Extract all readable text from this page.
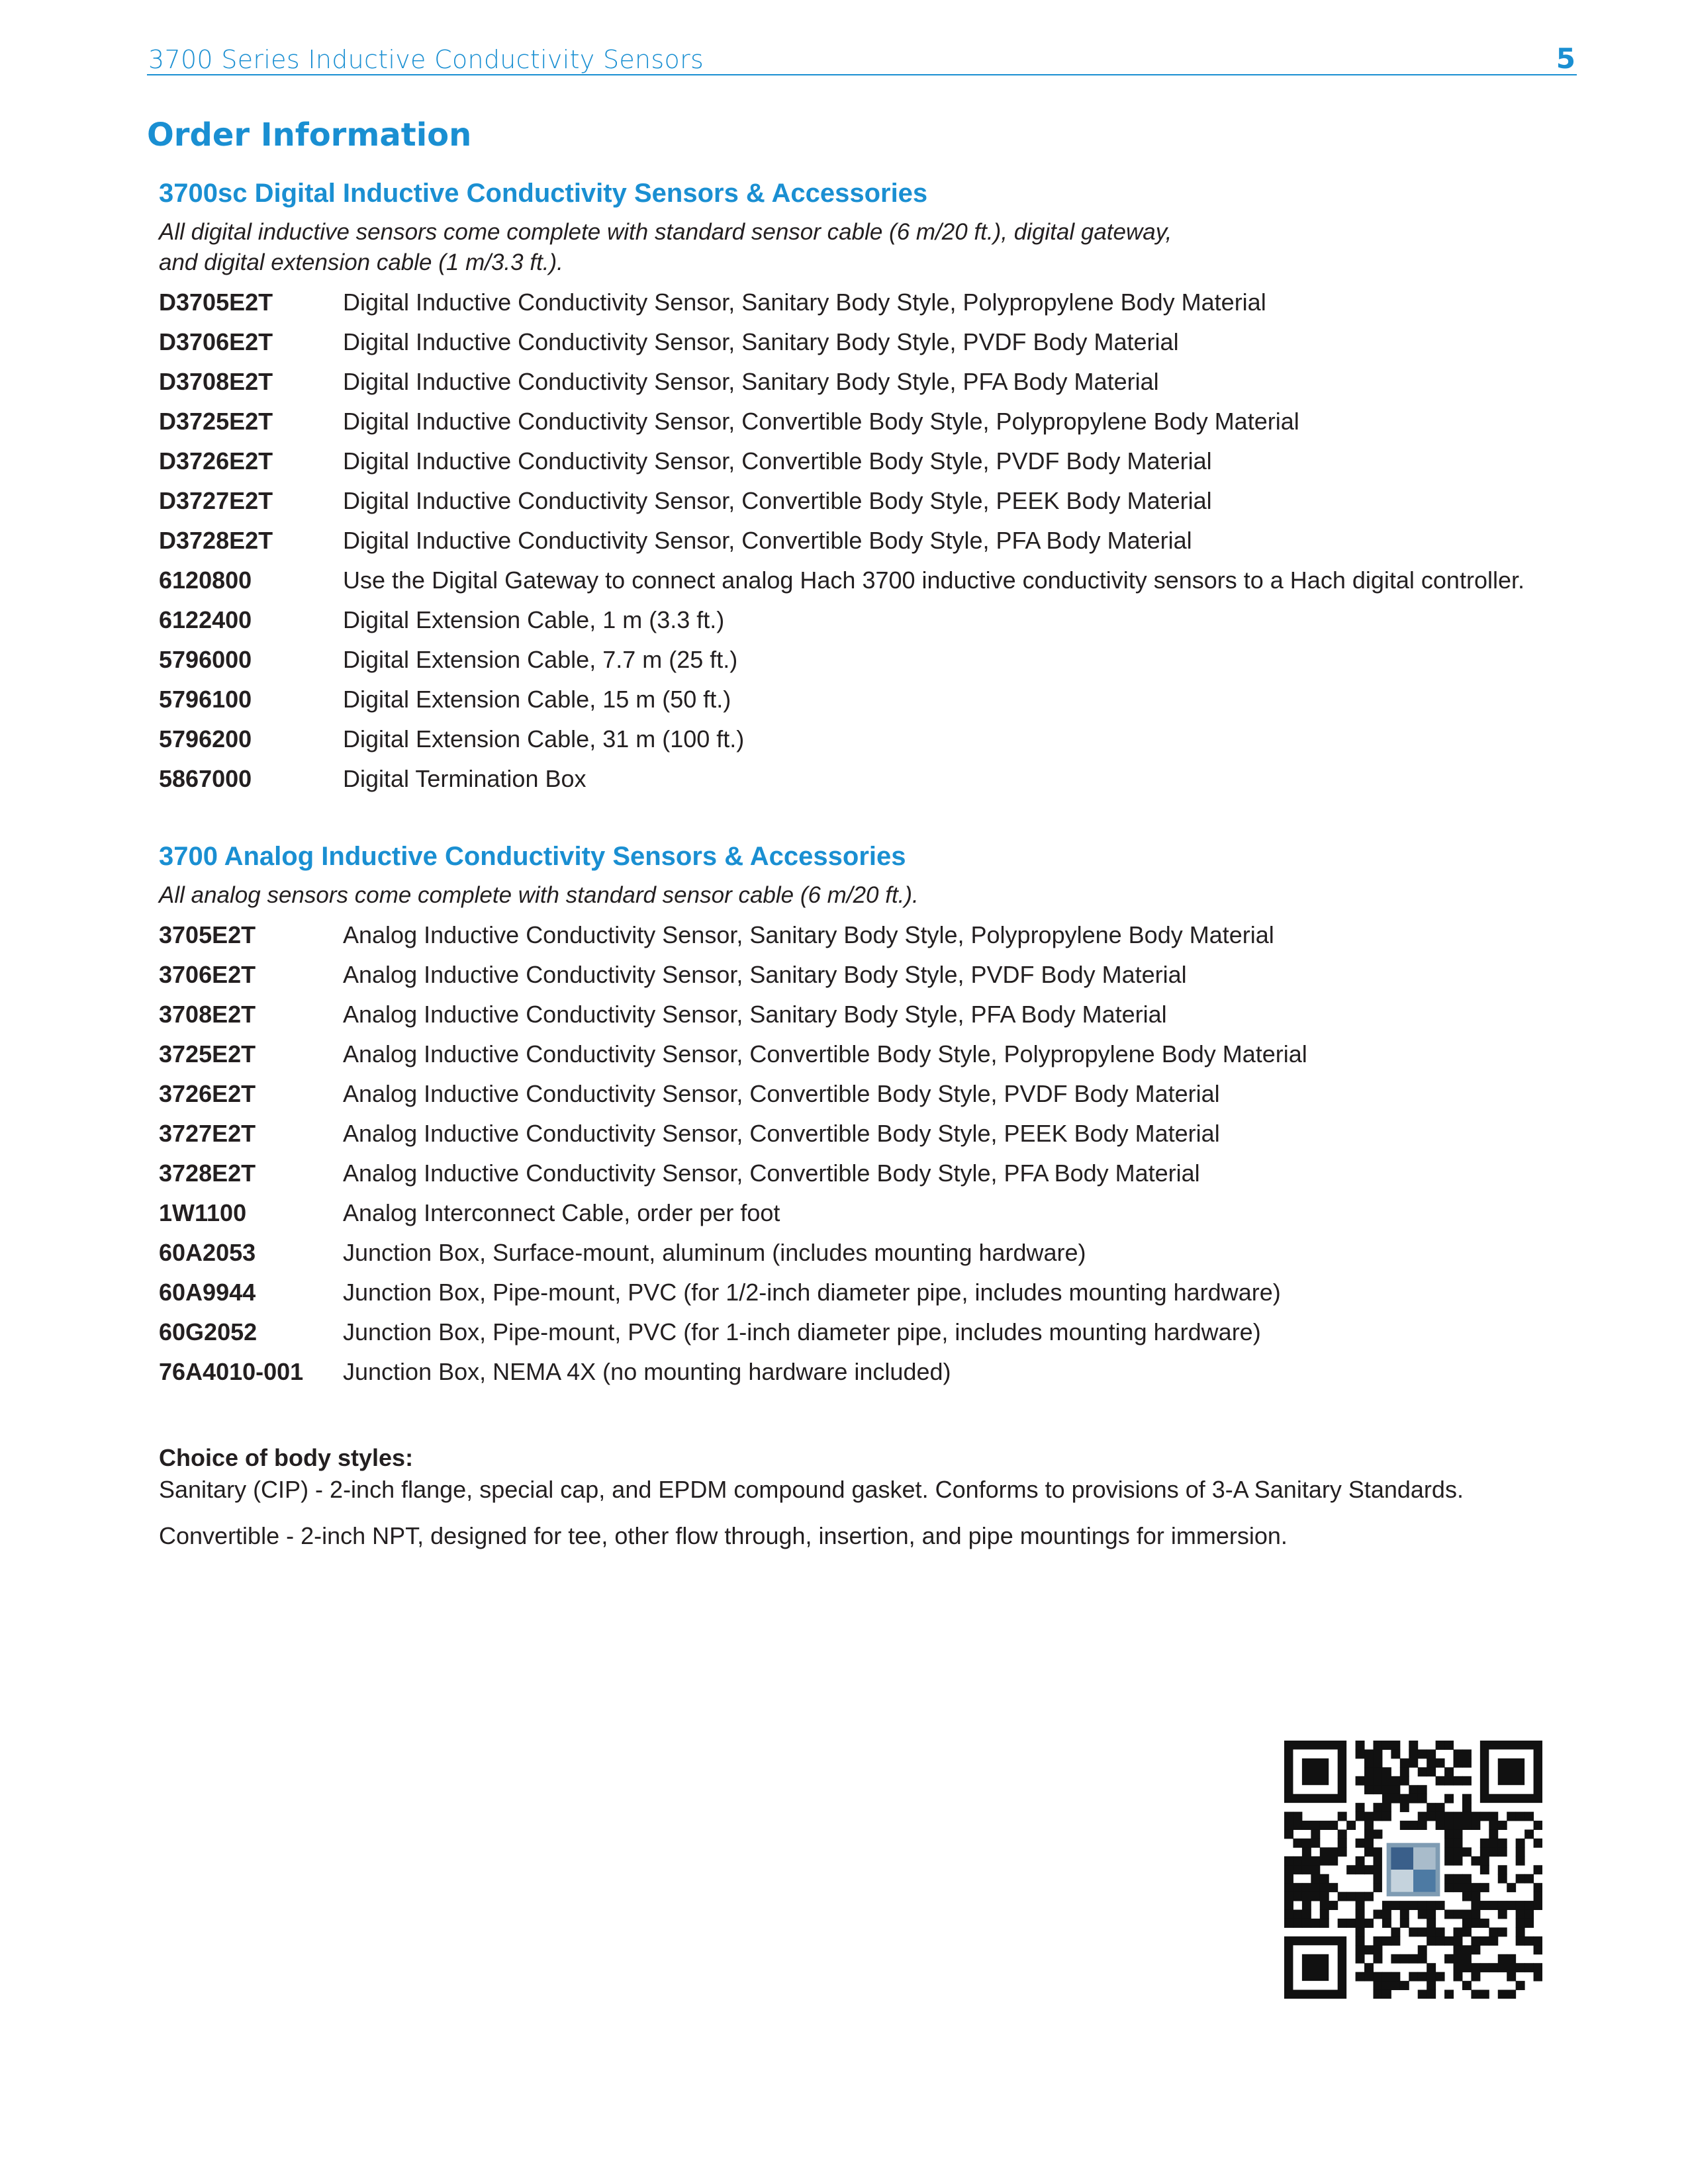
3700 Series Inductive Conductivity Sensors	5
Order Information
3700sc Digital Inductive Conductivity Sensors & Accessories
All digital inductive sensors come complete with standard sensor cable (6 m/20 ft.), digital gateway,
and digital extension cable (1 m/3.3 ft.).
D3705E2T	Digital Inductive Conductivity Sensor, Sanitary Body Style, Polypropylene Body Material
D3706E2T	Digital Inductive Conductivity Sensor, Sanitary Body Style, PVDF Body Material
D3708E2T	Digital Inductive Conductivity Sensor, Sanitary Body Style, PFA Body Material
D3725E2T	Digital Inductive Conductivity Sensor, Convertible Body Style, Polypropylene Body Material
D3726E2T	Digital Inductive Conductivity Sensor, Convertible Body Style, PVDF Body Material
D3727E2T	Digital Inductive Conductivity Sensor, Convertible Body Style, PEEK Body Material
D3728E2T	Digital Inductive Conductivity Sensor, Convertible Body Style, PFA Body Material
6120800	Use the Digital Gateway to connect analog Hach 3700 inductive conductivity sensors to a Hach digital controller.
6122400	Digital Extension Cable, 1 m (3.3 ft.)
5796000	Digital Extension Cable, 7.7 m (25 ft.)
5796100	Digital Extension Cable, 15 m (50 ft.)
5796200	Digital Extension Cable, 31 m (100 ft.)
5867000	Digital Termination Box
3700 Analog Inductive Conductivity Sensors & Accessories
All analog sensors come complete with standard sensor cable (6 m/20 ft.).
3705E2T	Analog Inductive Conductivity Sensor, Sanitary Body Style, Polypropylene Body Material
3706E2T	Analog Inductive Conductivity Sensor, Sanitary Body Style, PVDF Body Material
3708E2T	Analog Inductive Conductivity Sensor, Sanitary Body Style, PFA Body Material
3725E2T	Analog Inductive Conductivity Sensor, Convertible Body Style, Polypropylene Body Material
3726E2T	Analog Inductive Conductivity Sensor, Convertible Body Style, PVDF Body Material
3727E2T	Analog Inductive Conductivity Sensor, Convertible Body Style, PEEK Body Material
3728E2T	Analog Inductive Conductivity Sensor, Convertible Body Style, PFA Body Material
1W1100	Analog Interconnect Cable, order per foot
60A2053	Junction Box, Surface-mount, aluminum (includes mounting hardware)
60A9944	Junction Box, Pipe-mount, PVC (for 1/2-inch diameter pipe, includes mounting hardware)
60G2052	Junction Box, Pipe-mount, PVC (for 1-inch diameter pipe, includes mounting hardware)
76A4010-001 Junction Box, NEMA 4X (no mounting hardware included)
Choice of body styles:
Sanitary (CIP) - 2-inch flange, special cap, and EPDM compound gasket. Conforms to provisions of 3-A Sanitary Standards.
Convertible - 2-inch NPT, designed for tee, other flow through, insertion, and pipe mountings for immersion.
